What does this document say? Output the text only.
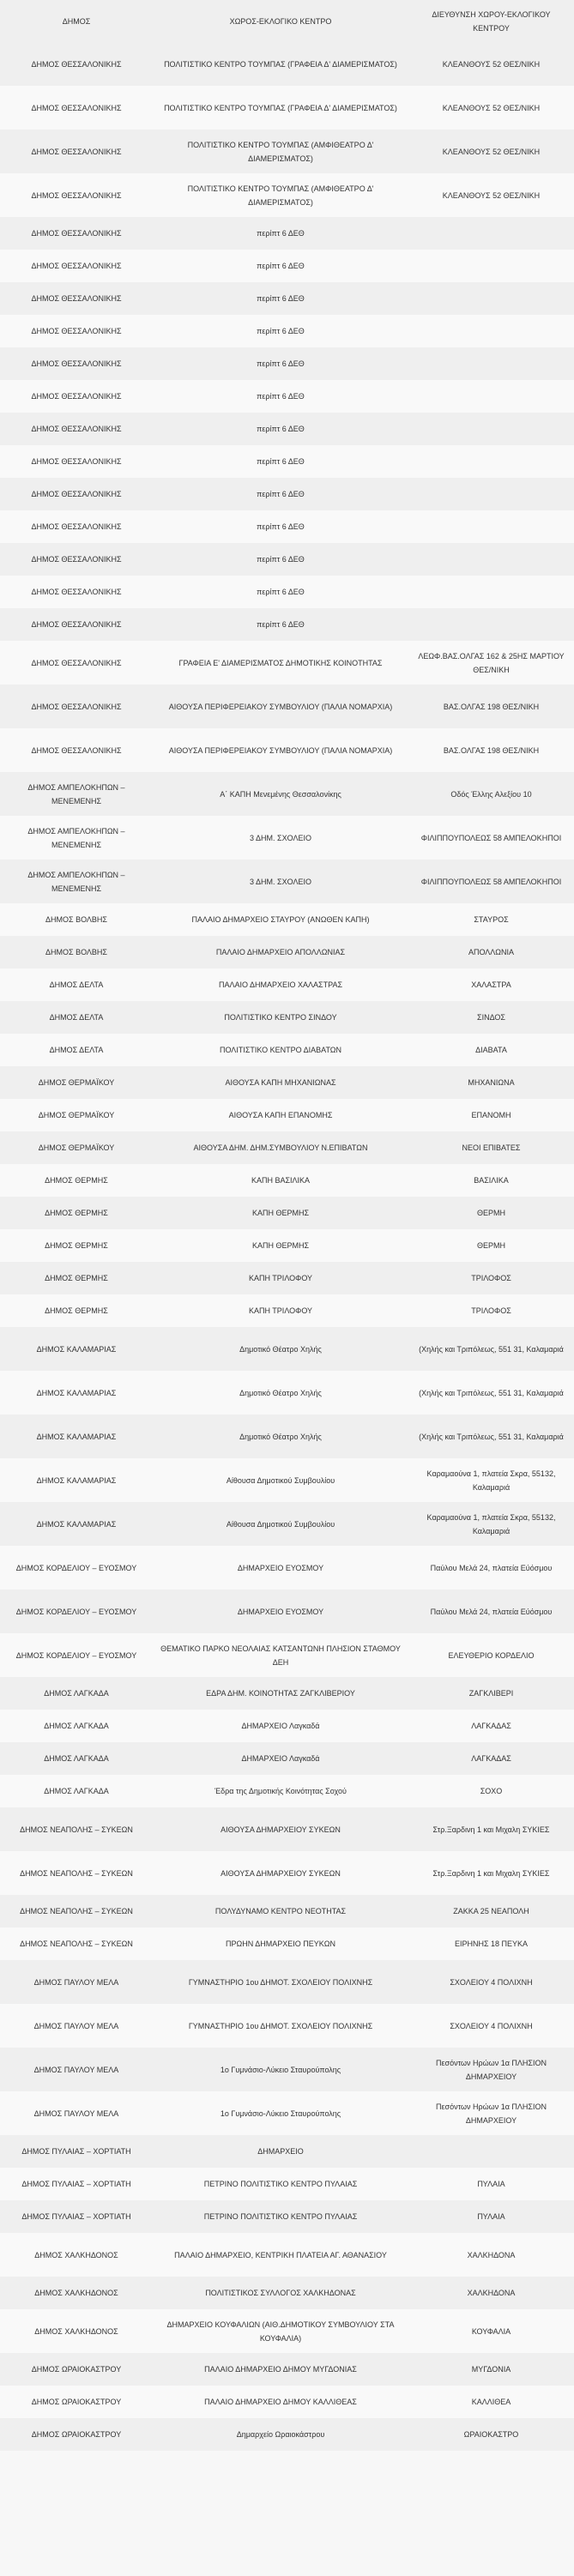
ΔΗΜΟΣ	ΧΩΡΟΣ-ΕΚΛΟΓΙΚΟ ΚΕΝΤΡΟ	ΔΙΕΥΘΥΝΣΗ ΧΩΡΟΥ-ΕΚΛΟΓΙΚΟΥ ΚΕΝΤΡΟΥ
ΔΗΜΟΣ ΘΕΣΣΑΛΟΝΙΚΗΣ	ΠΟΛΙΤΙΣΤΙΚΟ ΚΕΝΤΡΟ ΤΟΥΜΠΑΣ (ΓΡΑΦΕΙΑ Δ' ΔΙΑΜΕΡΙΣΜΑΤΟΣ)	ΚΛΕΑΝΘΟΥΣ 52 ΘΕΣ/ΝΙΚΗ
ΔΗΜΟΣ ΘΕΣΣΑΛΟΝΙΚΗΣ	ΠΟΛΙΤΙΣΤΙΚΟ ΚΕΝΤΡΟ ΤΟΥΜΠΑΣ (ΓΡΑΦΕΙΑ Δ' ΔΙΑΜΕΡΙΣΜΑΤΟΣ)	ΚΛΕΑΝΘΟΥΣ 52 ΘΕΣ/ΝΙΚΗ
ΔΗΜΟΣ ΘΕΣΣΑΛΟΝΙΚΗΣ	ΠΟΛΙΤΙΣΤΙΚΟ ΚΕΝΤΡΟ ΤΟΥΜΠΑΣ (ΑΜΦΙΘΕΑΤΡΟ Δ' ΔΙΑΜΕΡΙΣΜΑΤΟΣ)	ΚΛΕΑΝΘΟΥΣ 52 ΘΕΣ/ΝΙΚΗ
ΔΗΜΟΣ ΘΕΣΣΑΛΟΝΙΚΗΣ	ΠΟΛΙΤΙΣΤΙΚΟ ΚΕΝΤΡΟ ΤΟΥΜΠΑΣ (ΑΜΦΙΘΕΑΤΡΟ Δ' ΔΙΑΜΕΡΙΣΜΑΤΟΣ)	ΚΛΕΑΝΘΟΥΣ 52 ΘΕΣ/ΝΙΚΗ
ΔΗΜΟΣ ΘΕΣΣΑΛΟΝΙΚΗΣ	περίπτ 6 ΔΕΘ	
ΔΗΜΟΣ ΘΕΣΣΑΛΟΝΙΚΗΣ	περίπτ 6 ΔΕΘ	
ΔΗΜΟΣ ΘΕΣΣΑΛΟΝΙΚΗΣ	περίπτ 6 ΔΕΘ	
ΔΗΜΟΣ ΘΕΣΣΑΛΟΝΙΚΗΣ	περίπτ 6 ΔΕΘ	
ΔΗΜΟΣ ΘΕΣΣΑΛΟΝΙΚΗΣ	περίπτ 6 ΔΕΘ	
ΔΗΜΟΣ ΘΕΣΣΑΛΟΝΙΚΗΣ	περίπτ 6 ΔΕΘ	
ΔΗΜΟΣ ΘΕΣΣΑΛΟΝΙΚΗΣ	περίπτ 6 ΔΕΘ	
ΔΗΜΟΣ ΘΕΣΣΑΛΟΝΙΚΗΣ	περίπτ 6 ΔΕΘ	
ΔΗΜΟΣ ΘΕΣΣΑΛΟΝΙΚΗΣ	περίπτ 6 ΔΕΘ	
ΔΗΜΟΣ ΘΕΣΣΑΛΟΝΙΚΗΣ	περίπτ 6 ΔΕΘ	
ΔΗΜΟΣ ΘΕΣΣΑΛΟΝΙΚΗΣ	περίπτ 6 ΔΕΘ	
ΔΗΜΟΣ ΘΕΣΣΑΛΟΝΙΚΗΣ	περίπτ 6 ΔΕΘ	
ΔΗΜΟΣ ΘΕΣΣΑΛΟΝΙΚΗΣ	περίπτ 6 ΔΕΘ	
ΔΗΜΟΣ ΘΕΣΣΑΛΟΝΙΚΗΣ	ΓΡΑΦΕΙΑ Ε' ΔΙΑΜΕΡΙΣΜΑΤΟΣ ΔΗΜΟΤΙΚΗΣ ΚΟΙΝΟΤΗΤΑΣ	ΛΕΩΦ.ΒΑΣ.ΟΛΓΑΣ 162 & 25ΗΣ ΜΑΡΤΙΟΥ ΘΕΣ/ΝΙΚΗ
ΔΗΜΟΣ ΘΕΣΣΑΛΟΝΙΚΗΣ	ΑΙΘΟΥΣΑ ΠΕΡΙΦΕΡΕΙΑΚΟΥ ΣΥΜΒΟΥΛΙΟΥ (ΠΑΛΙΑ ΝΟΜΑΡΧΙΑ)	ΒΑΣ.ΟΛΓΑΣ 198 ΘΕΣ/ΝΙΚΗ
ΔΗΜΟΣ ΘΕΣΣΑΛΟΝΙΚΗΣ	ΑΙΘΟΥΣΑ ΠΕΡΙΦΕΡΕΙΑΚΟΥ ΣΥΜΒΟΥΛΙΟΥ (ΠΑΛΙΑ ΝΟΜΑΡΧΙΑ)	ΒΑΣ.ΟΛΓΑΣ 198 ΘΕΣ/ΝΙΚΗ
ΔΗΜΟΣ ΑΜΠΕΛΟΚΗΠΩΝ – ΜΕΝΕΜΕΝΗΣ	Α΄ ΚΑΠΗ Μενεμένης Θεσσαλονίκης	Οδός Έλλης Αλεξίου 10
ΔΗΜΟΣ ΑΜΠΕΛΟΚΗΠΩΝ – ΜΕΝΕΜΕΝΗΣ	3 ΔΗΜ. ΣΧΟΛΕΙΟ	ΦΙΛΙΠΠΟΥΠΟΛΕΩΣ 58 ΑΜΠΕΛΟΚΗΠΟΙ
ΔΗΜΟΣ ΑΜΠΕΛΟΚΗΠΩΝ – ΜΕΝΕΜΕΝΗΣ	3 ΔΗΜ. ΣΧΟΛΕΙΟ	ΦΙΛΙΠΠΟΥΠΟΛΕΩΣ 58 ΑΜΠΕΛΟΚΗΠΟΙ
ΔΗΜΟΣ ΒΟΛΒΗΣ	ΠΑΛΑΙΟ ΔΗΜΑΡΧΕΙΟ ΣΤΑΥΡΟΥ (ΑΝΩΘΕΝ ΚΑΠΗ)	ΣΤΑΥΡΟΣ
ΔΗΜΟΣ ΒΟΛΒΗΣ	ΠΑΛΑΙΟ ΔΗΜΑΡΧΕΙΟ ΑΠΟΛΛΩΝΙΑΣ	ΑΠΟΛΛΩΝΙΑ
ΔΗΜΟΣ ΔΕΛΤΑ	ΠΑΛΑΙΟ ΔΗΜΑΡΧΕΙΟ ΧΑΛΑΣΤΡΑΣ	ΧΑΛΑΣΤΡΑ
ΔΗΜΟΣ ΔΕΛΤΑ	ΠΟΛΙΤΙΣΤΙΚΟ ΚΕΝΤΡΟ ΣΙΝΔΟΥ	ΣΙΝΔΟΣ
ΔΗΜΟΣ ΔΕΛΤΑ	ΠΟΛΙΤΙΣΤΙΚΟ ΚΕΝΤΡΟ ΔΙΑΒΑΤΩΝ	ΔΙΑΒΑΤΑ
ΔΗΜΟΣ ΘΕΡΜΑΪΚΟΥ	ΑΙΘΟΥΣΑ ΚΑΠΗ ΜΗΧΑΝΙΩΝΑΣ	ΜΗΧΑΝΙΩΝΑ
ΔΗΜΟΣ ΘΕΡΜΑΪΚΟΥ	ΑΙΘΟΥΣΑ ΚΑΠΗ ΕΠΑΝΟΜΗΣ	ΕΠΑΝΟΜΗ
ΔΗΜΟΣ ΘΕΡΜΑΪΚΟΥ	ΑΙΘΟΥΣΑ ΔΗΜ. ΔΗΜ.ΣΥΜΒΟΥΛΙΟΥ Ν.ΕΠΙΒΑΤΩΝ	ΝΕΟΙ ΕΠΙΒΑΤΕΣ
ΔΗΜΟΣ ΘΕΡΜΗΣ	ΚΑΠΗ ΒΑΣΙΛΙΚΑ	ΒΑΣΙΛΙΚΑ
ΔΗΜΟΣ ΘΕΡΜΗΣ	ΚΑΠΗ ΘΕΡΜΗΣ	ΘΕΡΜΗ
ΔΗΜΟΣ ΘΕΡΜΗΣ	ΚΑΠΗ ΘΕΡΜΗΣ	ΘΕΡΜΗ
ΔΗΜΟΣ ΘΕΡΜΗΣ	ΚΑΠΗ ΤΡΙΛΟΦΟΥ	ΤΡΙΛΟΦΟΣ
ΔΗΜΟΣ ΘΕΡΜΗΣ	ΚΑΠΗ ΤΡΙΛΟΦΟΥ	ΤΡΙΛΟΦΟΣ
ΔΗΜΟΣ ΚΑΛΑΜΑΡΙΑΣ	Δημοτικό Θέατρο Χηλής	(Χηλής και Τριπόλεως, 551 31, Καλαμαριά
ΔΗΜΟΣ ΚΑΛΑΜΑΡΙΑΣ	Δημοτικό Θέατρο Χηλής	(Χηλής και Τριπόλεως, 551 31, Καλαμαριά
ΔΗΜΟΣ ΚΑΛΑΜΑΡΙΑΣ	Δημοτικό Θέατρο Χηλής	(Χηλής και Τριπόλεως, 551 31, Καλαμαριά
ΔΗΜΟΣ ΚΑΛΑΜΑΡΙΑΣ	Αίθουσα Δημοτικού Συμβουλίου	Καραμαούνα 1, πλατεία Σκρα, 55132, Καλαμαριά
ΔΗΜΟΣ ΚΑΛΑΜΑΡΙΑΣ	Αίθουσα Δημοτικού Συμβουλίου	Καραμαούνα 1, πλατεία Σκρα, 55132, Καλαμαριά
ΔΗΜΟΣ ΚΟΡΔΕΛΙΟΥ – ΕΥΟΣΜΟΥ	ΔΗΜΑΡΧΕΙΟ ΕΥΟΣΜΟΥ	Παύλου Μελά 24, πλατεία Εύόσμου
ΔΗΜΟΣ ΚΟΡΔΕΛΙΟΥ – ΕΥΟΣΜΟΥ	ΔΗΜΑΡΧΕΙΟ ΕΥΟΣΜΟΥ	Παύλου Μελά 24, πλατεία Εύόσμου
ΔΗΜΟΣ ΚΟΡΔΕΛΙΟΥ – ΕΥΟΣΜΟΥ	ΘΕΜΑΤΙΚΟ ΠΑΡΚΟ ΝΕΟΛΑΙΑΣ ΚΑΤΣΑΝΤΩΝΗ ΠΛΗΣΙΟΝ ΣΤΑΘΜΟΥ ΔΕΗ	ΕΛΕΥΘΕΡΙΟ ΚΟΡΔΕΛΙΟ
ΔΗΜΟΣ ΛΑΓΚΑΔΑ	ΕΔΡΑ ΔΗΜ. ΚΟΙΝΟΤΗΤΑΣ ΖΑΓΚΛΙΒΕΡΙΟΥ	ΖΑΓΚΛΙΒΕΡΙ
ΔΗΜΟΣ ΛΑΓΚΑΔΑ	ΔΗΜΑΡΧΕΙΟ Λαγκαδά	ΛΑΓΚΑΔΑΣ
ΔΗΜΟΣ ΛΑΓΚΑΔΑ	ΔΗΜΑΡΧΕΙΟ Λαγκαδά	ΛΑΓΚΑΔΑΣ
ΔΗΜΟΣ ΛΑΓΚΑΔΑ	Έδρα της Δημοτικής Κοινότητας Σοχού	ΣΟΧΟ
ΔΗΜΟΣ ΝΕΑΠΟΛΗΣ – ΣΥΚΕΩΝ	ΑΙΘΟΥΣΑ ΔΗΜΑΡΧΕΙΟΥ ΣΥΚΕΩΝ	Στρ.Ξαρδινη 1 και Μιχαλη ΣΥΚΙΕΣ
ΔΗΜΟΣ ΝΕΑΠΟΛΗΣ – ΣΥΚΕΩΝ	ΑΙΘΟΥΣΑ ΔΗΜΑΡΧΕΙΟΥ ΣΥΚΕΩΝ	Στρ.Ξαρδινη 1 και Μιχαλη ΣΥΚΙΕΣ
ΔΗΜΟΣ ΝΕΑΠΟΛΗΣ – ΣΥΚΕΩΝ	ΠΟΛΥΔΥΝΑΜΟ ΚΕΝΤΡΟ ΝΕΟΤΗΤΑΣ	ΖΑΚΚΑ 25 ΝΕΑΠΟΛΗ
ΔΗΜΟΣ ΝΕΑΠΟΛΗΣ – ΣΥΚΕΩΝ	ΠΡΩΗΝ ΔΗΜΑΡΧΕΙΟ ΠΕΥΚΩΝ	ΕΙΡΗΝΗΣ 18 ΠΕΥΚΑ
ΔΗΜΟΣ ΠΑΥΛΟΥ ΜΕΛΑ	ΓΥΜΝΑΣΤΗΡΙΟ 1ου ΔΗΜΟΤ. ΣΧΟΛΕΙΟΥ ΠΟΛΙΧΝΗΣ	ΣΧΟΛΕΙΟΥ 4 ΠΟΛΙΧΝΗ
ΔΗΜΟΣ ΠΑΥΛΟΥ ΜΕΛΑ	ΓΥΜΝΑΣΤΗΡΙΟ 1ου ΔΗΜΟΤ. ΣΧΟΛΕΙΟΥ ΠΟΛΙΧΝΗΣ	ΣΧΟΛΕΙΟΥ 4 ΠΟΛΙΧΝΗ
ΔΗΜΟΣ ΠΑΥΛΟΥ ΜΕΛΑ	1ο Γυμνάσιο-Λύκειο Σταυρούπολης	Πεσόντων Ηρώων 1α ΠΛΗΣΙΟΝ ΔΗΜΑΡΧΕΙΟΥ
ΔΗΜΟΣ ΠΑΥΛΟΥ ΜΕΛΑ	1ο Γυμνάσιο-Λύκειο Σταυρούπολης	Πεσόντων Ηρώων 1α ΠΛΗΣΙΟΝ ΔΗΜΑΡΧΕΙΟΥ
ΔΗΜΟΣ ΠΥΛΑΙΑΣ – ΧΟΡΤΙΑΤΗ	ΔΗΜΑΡΧΕΙΟ	
ΔΗΜΟΣ ΠΥΛΑΙΑΣ – ΧΟΡΤΙΑΤΗ	ΠΕΤΡΙΝΟ ΠΟΛΙΤΙΣΤΙΚΟ ΚΕΝΤΡΟ ΠΥΛΑΙΑΣ	ΠΥΛΑΙΑ
ΔΗΜΟΣ ΠΥΛΑΙΑΣ – ΧΟΡΤΙΑΤΗ	ΠΕΤΡΙΝΟ ΠΟΛΙΤΙΣΤΙΚΟ ΚΕΝΤΡΟ ΠΥΛΑΙΑΣ	ΠΥΛΑΙΑ
ΔΗΜΟΣ ΧΑΛΚΗΔΟΝΟΣ	ΠΑΛΑΙΟ ΔΗΜΑΡΧΕΙΟ, ΚΕΝΤΡΙΚΗ ΠΛΑΤΕΙΑ ΑΓ. ΑΘΑΝΑΣΙΟΥ	ΧΑΛΚΗΔΟΝΑ
ΔΗΜΟΣ ΧΑΛΚΗΔΟΝΟΣ	ΠΟΛΙΤΙΣΤΙΚΟΣ ΣΥΛΛΟΓΟΣ ΧΑΛΚΗΔΟΝΑΣ	ΧΑΛΚΗΔΟΝΑ
ΔΗΜΟΣ ΧΑΛΚΗΔΟΝΟΣ	ΔΗΜΑΡΧΕΙΟ ΚΟΥΦΑΛΙΩΝ (ΑΙΘ.ΔΗΜΟΤΙΚΟΥ ΣΥΜΒΟΥΛΙΟΥ ΣΤΑ ΚΟΥΦΑΛΙΑ)	ΚΟΥΦΑΛΙΑ
ΔΗΜΟΣ ΩΡΑΙΟΚΑΣΤΡΟΥ	ΠΑΛΑΙΟ ΔΗΜΑΡΧΕΙΟ ΔΗΜΟΥ ΜΥΓΔΟΝΙΑΣ	ΜΥΓΔΟΝΙΑ
ΔΗΜΟΣ ΩΡΑΙΟΚΑΣΤΡΟΥ	ΠΑΛΑΙΟ ΔΗΜΑΡΧΕΙΟ ΔΗΜΟΥ ΚΑΛΛΙΘΕΑΣ	ΚΑΛΛΙΘΕΑ
ΔΗΜΟΣ ΩΡΑΙΟΚΑΣΤΡΟΥ	Δημαρχείο Ωραιοκάστρου	ΩΡΑΙΟΚΑΣΤΡΟ
